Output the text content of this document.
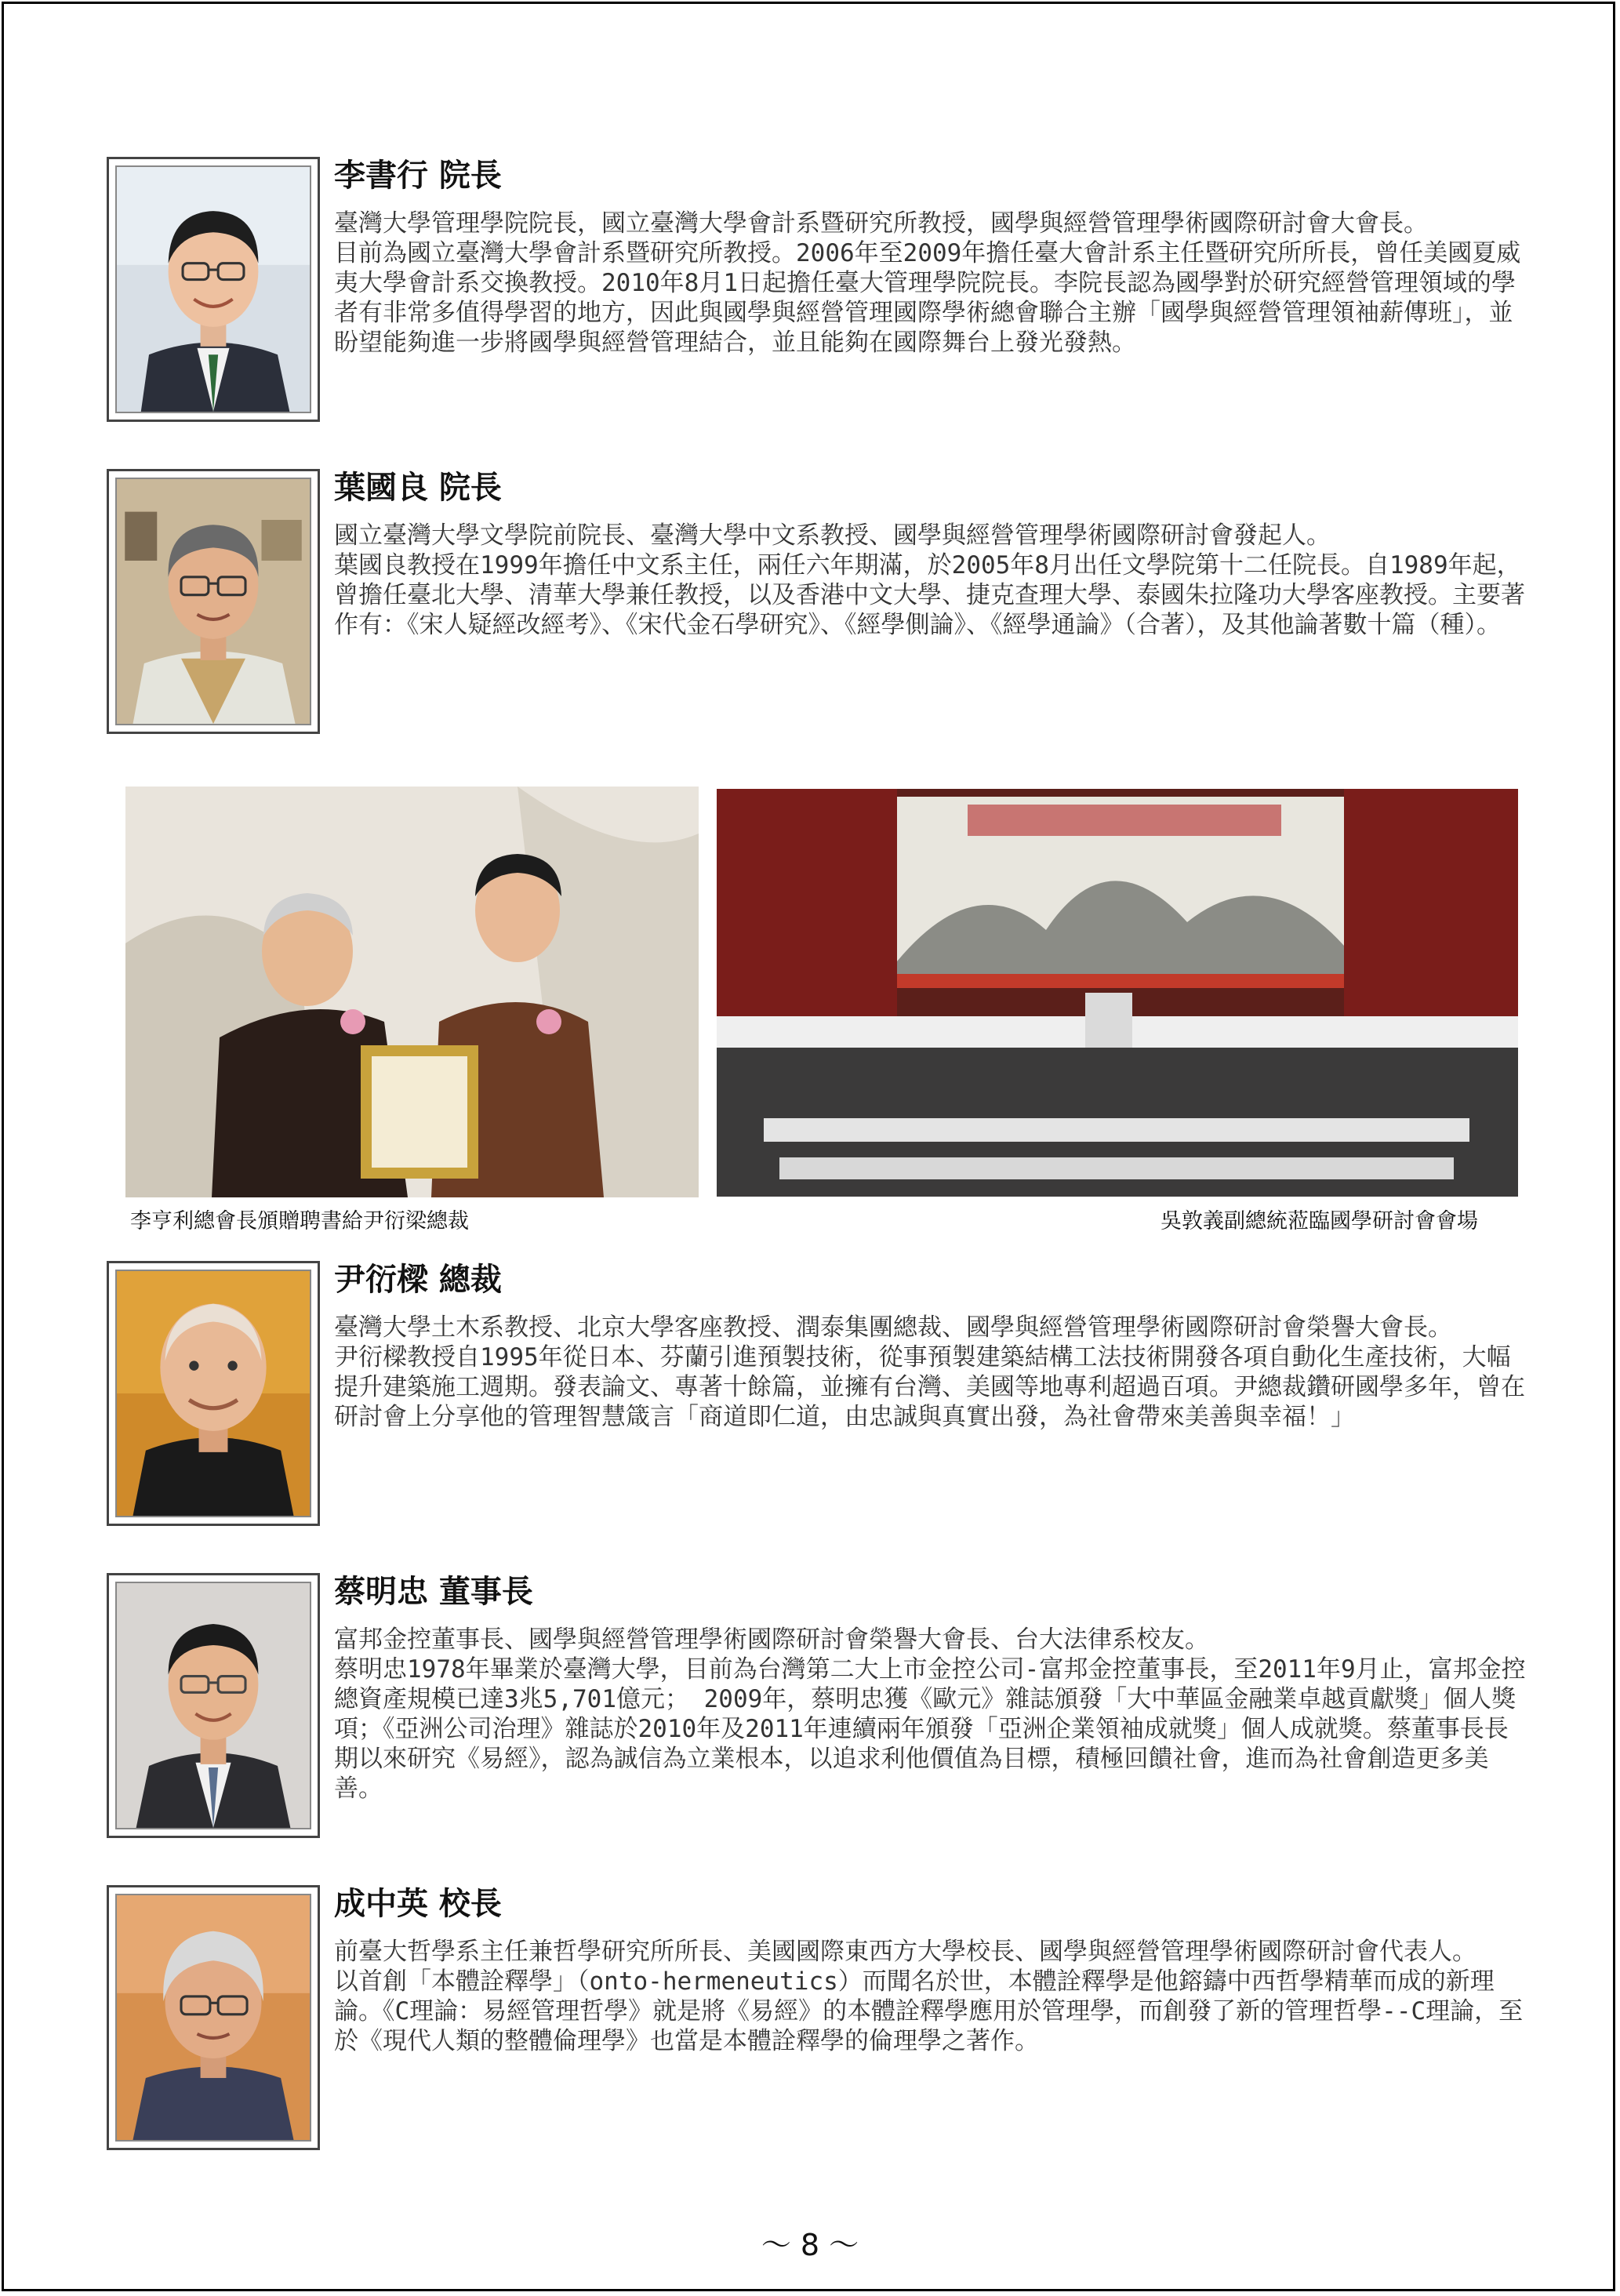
李書行 院長

臺灣大學管理學院院長，國立臺灣大學會計系暨研究所教授，國學與經營管理學術國際研討會大會長。

目前為國立臺灣大學會計系暨研究所教授。2006年至2009年擔任臺大會計系主任暨研究所所長，曾任美國夏威夷大學會計系交換教授。2010年8月1日起擔任臺大管理學院院長。李院長認為國學對於研究經營管理領域的學者有非常多值得學習的地方，因此與國學與經營管理國際學術總會聯合主辦「國學與經營管理領袖薪傳班」，並盼望能夠進一步將國學與經營管理結合，並且能夠在國際舞台上發光發熱。

葉國良 院長

國立臺灣大學文學院前院長、臺灣大學中文系教授、國學與經營管理學術國際研討會發起人。

葉國良教授在1999年擔任中文系主任，兩任六年期滿，於2005年8月出任文學院第十二任院長。自1989年起，曾擔任臺北大學、清華大學兼任教授，以及香港中文大學、捷克查理大學、泰國朱拉隆功大學客座教授。主要著作有：《宋人疑經改經考》、《宋代金石學研究》、《經學側論》、《經學通論》（合著），及其他論著數十篇（種）。

李亨利總會長頒贈聘書給尹衍梁總裁	吳敦義副總統蒞臨國學研討會會場
尹衍樑 總裁

臺灣大學土木系教授、北京大學客座教授、潤泰集團總裁、國學與經營管理學術國際研討會榮譽大會長。

尹衍樑教授自1995年從日本、芬蘭引進預製技術，從事預製建築結構工法技術開發各項自動化生產技術，大幅提升建築施工週期。發表論文、專著十餘篇，並擁有台灣、美國等地專利超過百項。尹總裁鑽研國學多年，曾在研討會上分享他的管理智慧箴言「商道即仁道，由忠誠與真實出發，為社會帶來美善與幸福！」

蔡明忠 董事長

富邦金控董事長、國學與經營管理學術國際研討會榮譽大會長、台大法律系校友。

蔡明忠1978年畢業於臺灣大學，目前為台灣第二大上市金控公司-富邦金控董事長，至2011年9月止，富邦金控總資產規模已達3兆5,701億元； 2009年，蔡明忠獲《歐元》雜誌頒發「大中華區金融業卓越貢獻獎」個人獎項；《亞洲公司治理》雜誌於2010年及2011年連續兩年頒發「亞洲企業領袖成就獎」個人成就獎。蔡董事長長期以來研究《易經》，認為誠信為立業根本，以追求利他價值為目標，積極回饋社會，進而為社會創造更多美善。

成中英 校長

前臺大哲學系主任兼哲學研究所所長、美國國際東西方大學校長、國學與經營管理學術國際研討會代表人。

以首創「本體詮釋學」（onto-hermeneutics）而聞名於世，本體詮釋學是他鎔鑄中西哲學精華而成的新理論。《C理論：易經管理哲學》就是將《易經》的本體詮釋學應用於管理學，而創發了新的管理哲學--C理論，至於《現代人類的整體倫理學》也當是本體詮釋學的倫理學之著作。

～ 8 ～
